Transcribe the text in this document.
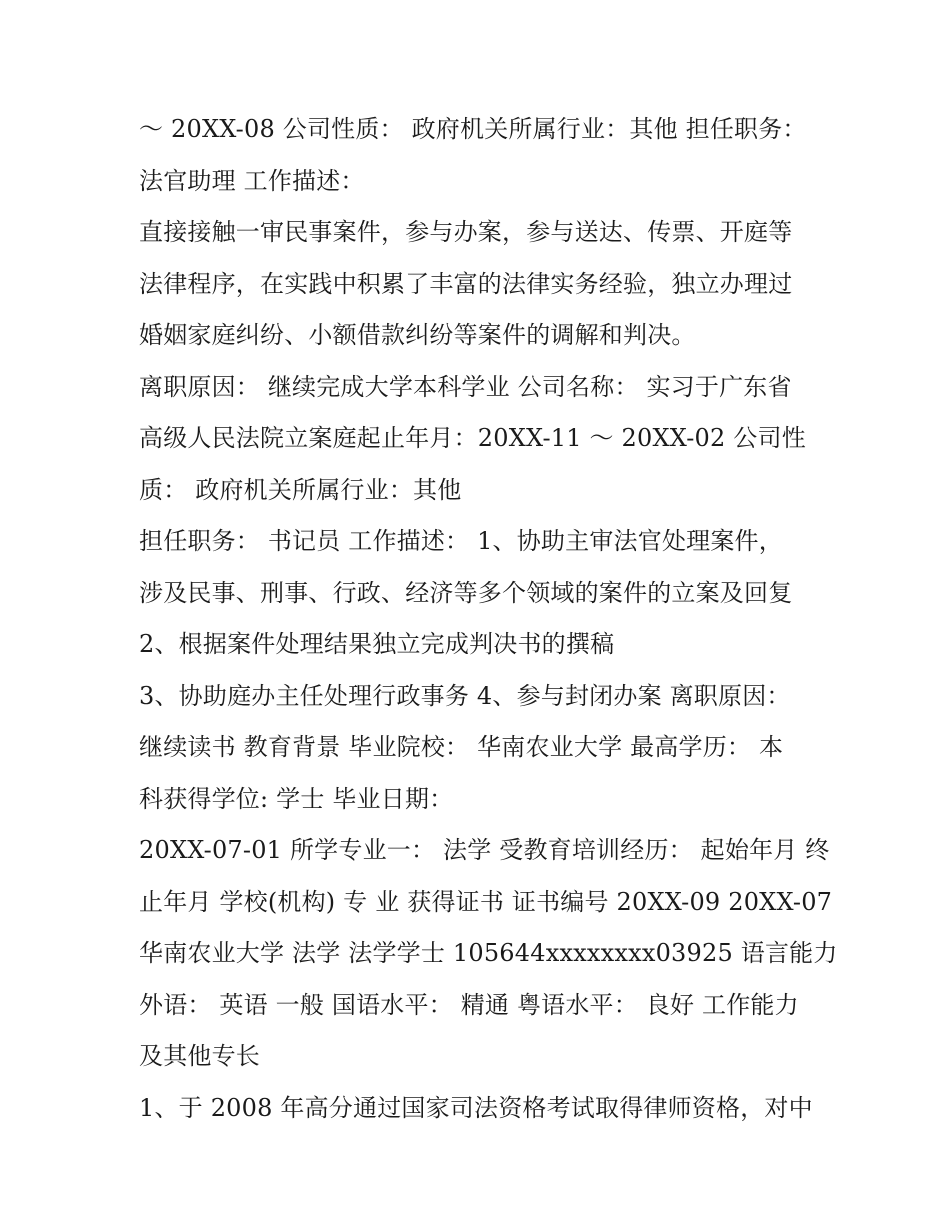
～ 20XX-08 公司性质： 政府机关所属行业：其他 担任职务：
法官助理 工作描述：
直接接触一审民事案件，参与办案，参与送达、传票、开庭等
法律程序，在实践中积累了丰富的法律实务经验，独立办理过
婚姻家庭纠纷、小额借款纠纷等案件的调解和判决。
离职原因： 继续完成大学本科学业 公司名称： 实习于广东省
高级人民法院立案庭起止年月：20XX-11 ～ 20XX-02 公司性
质： 政府机关所属行业：其他
担任职务： 书记员 工作描述： 1、协助主审法官处理案件，
涉及民事、刑事、行政、经济等多个领域的案件的立案及回复
2、根据案件处理结果独立完成判决书的撰稿
3、协助庭办主任处理行政事务 4、参与封闭办案 离职原因：
继续读书 教育背景 毕业院校： 华南农业大学 最高学历： 本
科获得学位: 学士 毕业日期：
20XX-07-01 所学专业一： 法学 受教育培训经历： 起始年月 终
止年月 学校(机构) 专 业 获得证书 证书编号 20XX-09 20XX-07
华南农业大学 法学 法学学士 105644xxxxxxxx03925 语言能力
外语： 英语 一般 国语水平： 精通 粤语水平： 良好 工作能力
及其他专长
1、于 2008 年高分通过国家司法资格考试取得律师资格，对中
